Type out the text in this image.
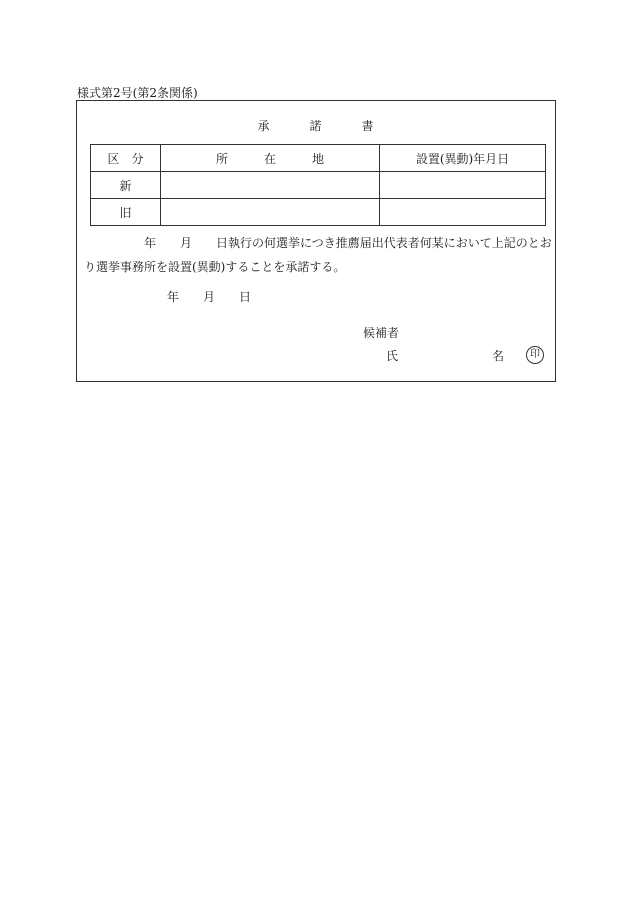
様式第2号(第2条関係)
承　　　諾　　　書
区　分	所　　　在　　　地	設置(異動)年月日
新		
旧		
　　　　　年　　月　　日執行の何選挙につき推薦届出代表者何某において上記のとおり選挙事務所を設置(異動)することを承諾する。
年　　月　　日
候補者
氏	名	印
